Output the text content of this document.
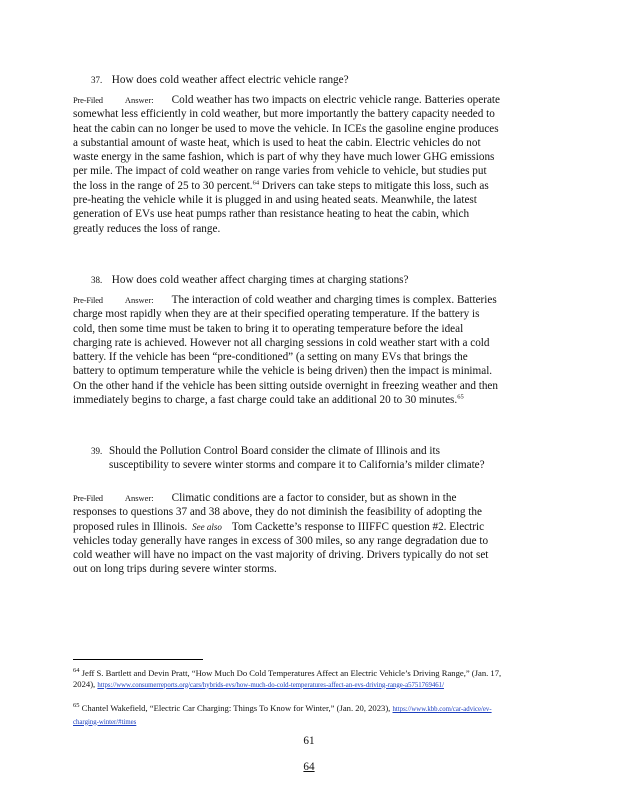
37. How does cold weather affect electric vehicle range?
Pre-Filed	Answer: Cold weather has two impacts on electric vehicle range. Batteries operate somewhat less efficiently in cold weather, but more importantly the battery capacity needed to heat the cabin can no longer be used to move the vehicle. In ICEs the gasoline engine produces a substantial amount of waste heat, which is used to heat the cabin. Electric vehicles do not waste energy in the same fashion, which is part of why they have much lower GHG emissions per mile. The impact of cold weather on range varies from vehicle to vehicle, but studies put the loss in the range of 25 to 30 percent.$^{64}$ Drivers can take steps to mitigate this loss, such as pre-heating the vehicle while it is plugged in and using heated seats. Meanwhile, the latest generation of EVs use heat pumps rather than resistance heating to heat the cabin, which greatly reduces the loss of range.
38. How does cold weather affect charging times at charging stations?
Pre-Filed	Answer: The interaction of cold weather and charging times is complex. Batteries charge most rapidly when they are at their specified operating temperature. If the battery is cold, then some time must be taken to bring it to operating temperature before the ideal charging rate is achieved. However not all charging sessions in cold weather start with a cold battery. If the vehicle has been “pre-conditioned” (a setting on many EVs that brings the battery to optimum temperature while the vehicle is being driven) then the impact is minimal. On the other hand if the vehicle has been sitting outside overnight in freezing weather and then immediately begins to charge, a fast charge could take an additional 20 to 30 minutes.$^{65}$
39. Should the Pollution Control Board consider the climate of Illinois and its susceptibility to severe winter storms and compare it to California’s milder climate?
Pre-Filed	Answer: Climatic conditions are a factor to consider, but as shown in the responses to questions 37 and 38 above, they do not diminish the feasibility of adopting the proposed rules in Illinois. See also Tom Cackette’s response to IIIFFC question #2. Electric vehicles today generally have ranges in excess of 300 miles, so any range degradation due to cold weather will have no impact on the vast majority of driving. Drivers typically do not set out on long trips during severe winter storms.
$^{64}$ Jeff S. Bartlett and Devin Pratt, “How Much Do Cold Temperatures Affect an Electric Vehicle’s Driving Range,” (Jan. 17, 2024), https://www.consumerreports.org/cars/hybrids-evs/how-much-do-cold-temperatures-affect-an-evs-driving-range-a5751769461/
$^{65}$ Chantel Wakefield, “Electric Car Charging: Things To Know for Winter,” (Jan. 20, 2023), https://www.kbb.com/car-advice/ev-charging-winter/#times
61
64
